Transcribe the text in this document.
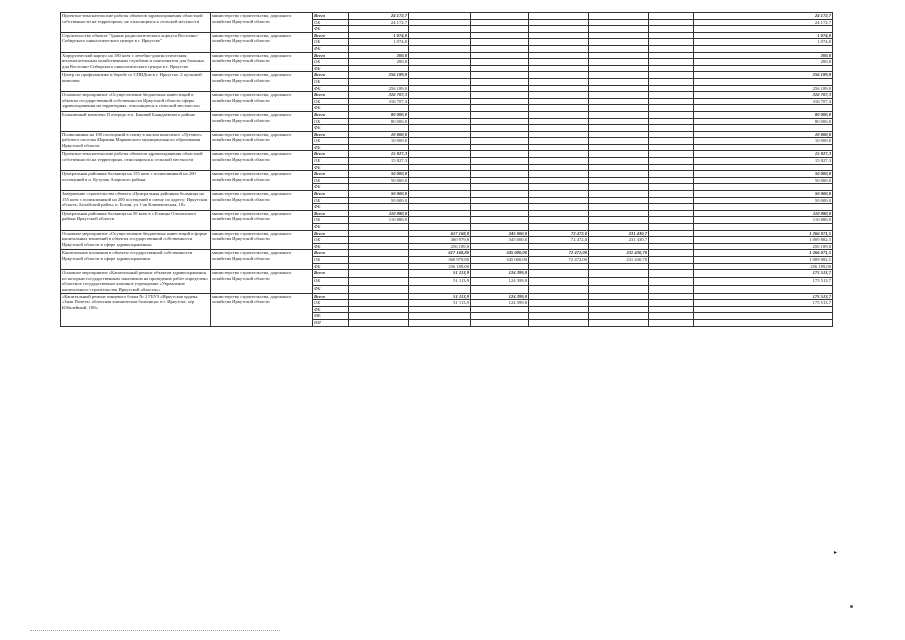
Проектно-изыскательские работы объектов здравоохранения областной собственности на территориях, не относящихся к сельской местности	министерство строительства, дорожного хозяйства Иркутской области	Всего	24 172,7						24 172,7
		ОБ	24 172,7						24 172,7
		ФБ							
Строительство объекта "Здание радиологического корпуса Восточно-Сибирского онкологического центра в г. Иркутске"	министерство строительства, дорожного хозяйства Иркутской области	Всего	1 074,0						1 074,0
		ОБ	1 074,0						1 074,0
		ФБ							
Хирургический корпус на 180 коек с лечебно-диагностическим, вспомогательным хозяйственным службами и пансионатом для больных для Восточно-Сибирского онкологического центра в г. Иркутске	министерство строительства, дорожного хозяйства Иркутской области	Всего	200,0						200,0
		ОБ	200,0						200,0
		ФБ							
Центр по профилактике и борьбе со СПИДом в г. Иркутске. 2 пусковой комплекс	министерство строительства, дорожного хозяйства Иркутской области	Всего	256 189,0						256 189,0
		ОБ							
		ФБ	256 189,0						256 189,0
Основное мероприятие «Осуществление бюджетных инвестиций в объекты государственной собственности Иркутской области сферы здравоохранения на территориях, относящихся к сельской местности»	министерство строительства, дорожного хозяйства Иркутской области	Всего	316 707,3						316 707,3
		ОБ	316 707,3						316 707,3
		ФБ							
Больничный комплекс II очередь в п. Бакший Баяндаевского района	министерство строительства, дорожного хозяйства Иркутской области	Всего	80 000,0						80 000,0
		ОБ	80 000,0						80 000,0
		ФБ							
Поликлиника на 100 посещений в смену в жилом комплексе «Луговое» рабочего поселка Марковн Марковского муниципального образования Иркутской области	министерство строительства, дорожного хозяйства Иркутской области	Всего	10 000,0						10 000,0
		ОБ	10 000,0						10 000,0
		ФБ							
Проектно-изыскательские работы объектов здравоохранения областной собственности на территориях, относящихся к сельской местности	министерство строительства, дорожного хозяйства Иркутской области	Всего	15 827,3						15 827,3
		ОБ	15 827,3						15 827,3
		ФБ							
Центральная районная больница на 155 коек с поликлиникой на 200 посещений в п. Кутулик Аларского района	министерство строительства, дорожного хозяйства Иркутской области	Всего	50 000,0						50 000,0
		ОБ	50 000,0						50 000,0
		ФБ							
Завершение строительства объекта «Центральная районная больница на 155 коек с поликлиникой на 200 посещений в смену по адресу: Иркутская область, Бохайский район, п. Бохан, ул 1-ая Клименческая, 18»	министерство строительства, дорожного хозяйства Иркутской области	Всего	50 000,0						50 000,0
		ОБ	50 000,0						50 000,0
		ФБ							
Центральная районная больница на 50 коек в с.Еланцы Ольхонского района Иркутской области	министерство строительства, дорожного хозяйства Иркутской области	Всего	110 880,0						110 880,0
		ОБ	110 880,0						110 880,0
		ФБ							
Основное мероприятие «Осуществление бюджетных инвестиций в форме капитальных вложений в объекты государственной собственности Иркутской области в сфере здравоохранения»	министерство строительства, дорожного хозяйства Иркутской области	Всего		617 168,8	345 000,0	72 472,0	231 430,7		1 266 071,5
		ОБ		360 979,8	345 000,0	72 472,0	231 430,7		1 009 882,5
		ФБ		256 189,0					256 189,0
Капитальные вложения в объекты государственной собственности Иркутской области в сфере здравоохранения	министерство строительства, дорожного хозяйства Иркутской области	Всего		617 168,80	345 000,00	72 472,00	231 430,70		1 266 071,5
		ОБ		360 979,80	345 000,00	72 472,00	231 430,70		1 009 882,5
		ФБ		256 189,00					256 189,00
Основное мероприятие «Капитальный ремонт объектов здравоохранения, по которым государственным заказчиком на проведение работ определено областное государственное казенное учреждение «Управление капитального строительства Иркутской области»»	министерство строительства, дорожного хозяйства Иркутской области	Всего		51 113,9	124 399,8				175 513,7
		ОБ		51 113,9	124 399,8				175 513,7
		ФБ							
«Капитальный ремонт пищевого блока № 2 ГБУЗ «Иркутская ордена «Знак Почета» областная клиническая больница» в г. Иркутске, м/р Юбилейный, 100»	министерство строительства, дорожного хозяйства Иркутской области	Всего		51 113,9	124 399,8				175 513,7
		ОБ		51 113,9	124 399,8				175 513,7
		ФБ							
		МБ							
		НИ							
▸
